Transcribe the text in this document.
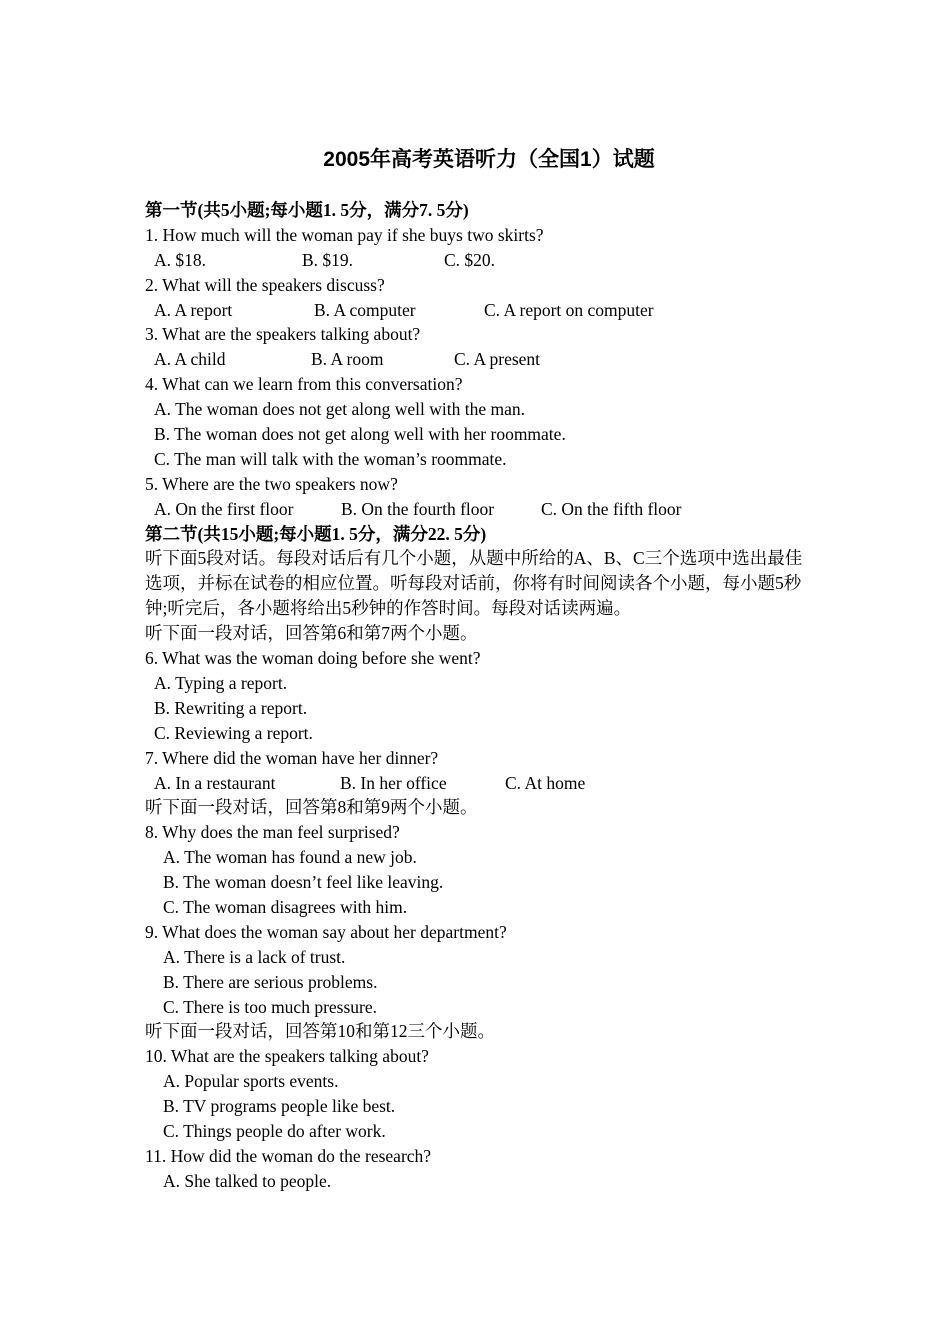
2005年高考英语听力（全国1）试题
第一节(共5小题;每小题1. 5分，满分7. 5分)
1. How much will the woman pay if she buys two skirts?
A. $18.	B. $19.	C. $20.
2. What will the speakers discuss?
A. A report	B. A computer	C. A report on computer
3. What are the speakers talking about?
A. A child	B. A room	C. A present
4. What can we learn from this conversation?
A. The woman does not get along well with the man.
B. The woman does not get along well with her roommate.
C. The man will talk with the woman’s roommate.
5. Where are the two speakers now?
A. On the first floor	B. On the fourth floor	C. On the fifth floor
第二节(共15小题;每小题1. 5分，满分22. 5分)
听下面5段对话。每段对话后有几个小题，从题中所给的A、B、C三个选项中选出最佳选项，并标在试卷的相应位置。听每段对话前，你将有时间阅读各个小题，每小题5秒钟;听完后，各小题将给出5秒钟的作答时间。每段对话读两遍。
听下面一段对话，回答第6和第7两个小题。
6. What was the woman doing before she went?
A. Typing a report.
B. Rewriting a report.
C. Reviewing a report.
7. Where did the woman have her dinner?
A. In a restaurant	B. In her office	C. At home
听下面一段对话，回答第8和第9两个小题。
8. Why does the man feel surprised?
A. The woman has found a new job.
B. The woman doesn’t feel like leaving.
C. The woman disagrees with him.
9. What does the woman say about her department?
A. There is a lack of trust.
B. There are serious problems.
C. There is too much pressure.
听下面一段对话，回答第10和第12三个小题。
10. What are the speakers talking about?
A. Popular sports events.
B. TV programs people like best.
C. Things people do after work.
11. How did the woman do the research?
A. She talked to people.
